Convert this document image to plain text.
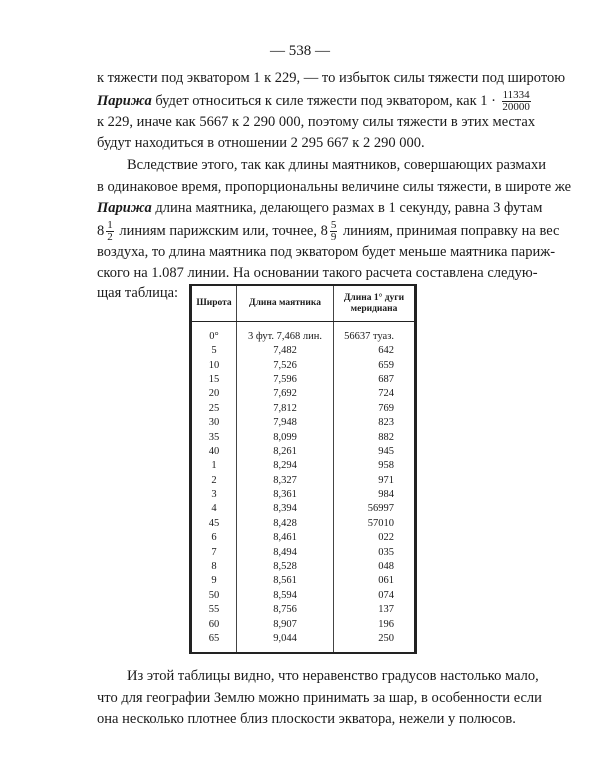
— 538 —
к тяжести под экватором 1 к 229, — то избыток силы тяжести под широтою
Парижа будет относиться к силе тяжести под экватором, как $1 \cdot \frac{11334}{20000}$
к 229, иначе как 5667 к 2 290 000, поэтому силы тяжести в этих местах
будут находиться в отношении 2 295 667 к 2 290 000.
Вследствие этого, так как длины маятников, совершающих размахи
в одинаковое время, пропорциональны величине силы тяжести, в широте же
Парижа длина маятника, делающего размах в 1 секунду, равна 3 футам
$8 \frac{1}{2}$ линиям парижским или, точнее, $8 \frac{5}{9}$ линиям, принимая поправку на вес
воздуха, то длина маятника под экватором будет меньше маятника париж-
ского на 1.087 линии. На основании такого расчета составлена следую-
щая таблица:
Широта	Длина маятника	Длина 1° дуги меридиана
0°	3 фут. 7,468 лин.	56637 туаз.
5	7,482	642
10	7,526	659
15	7,596	687
20	7,692	724
25	7,812	769
30	7,948	823
35	8,099	882
40	8,261	945
1	8,294	958
2	8,327	971
3	8,361	984
4	8,394	56997
45	8,428	57010
6	8,461	022
7	8,494	035
8	8,528	048
9	8,561	061
50	8,594	074
55	8,756	137
60	8,907	196
65	9,044	250

Из этой таблицы видно, что неравенство градусов настолько мало,
что для географии Землю можно принимать за шар, в особенности если
она несколько плотнее близ плоскости экватора, нежели у полюсов.
